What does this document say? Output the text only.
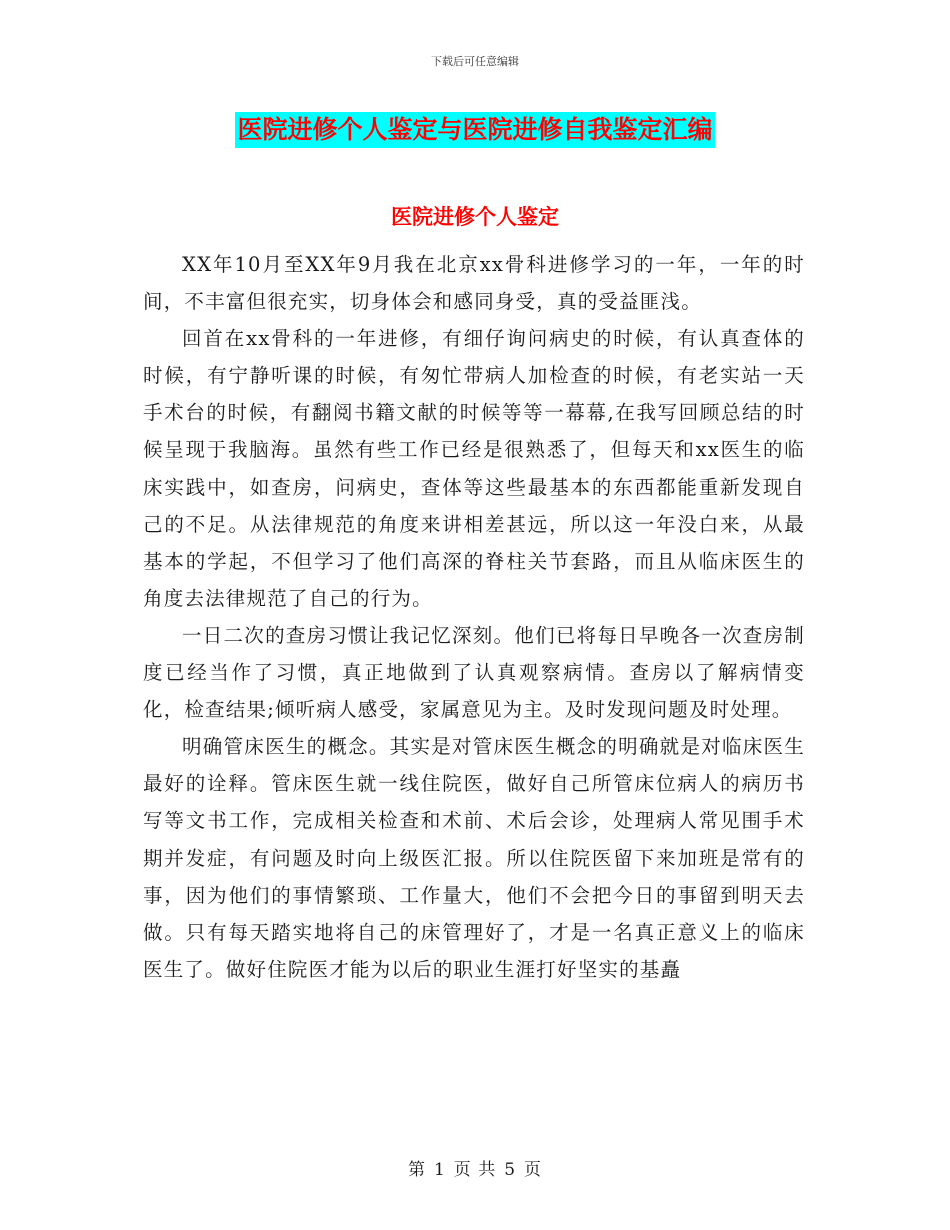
下载后可任意编辑
医院进修个人鉴定与医院进修自我鉴定汇编
医院进修个人鉴定

XX年10月至XX年9月我在北京xx骨科进修学习的一年，一年的时间，不丰富但很充实，切身体会和感同身受，真的受益匪浅。

回首在xx骨科的一年进修，有细仔询问病史的时候，有认真查体的时候，有宁静听课的时候，有匆忙带病人加检查的时候，有老实站一天手术台的时候，有翻阅书籍文献的时候等等一幕幕,在我写回顾总结的时候呈现于我脑海。虽然有些工作已经是很熟悉了，但每天和xx医生的临床实践中，如查房，问病史，查体等这些最基本的东西都能重新发现自己的不足。从法律规范的角度来讲相差甚远，所以这一年没白来，从最基本的学起，不但学习了他们高深的脊柱关节套路，而且从临床医生的角度去法律规范了自己的行为。

一日二次的查房习惯让我记忆深刻。他们已将每日早晚各一次查房制度已经当作了习惯，真正地做到了认真观察病情。查房以了解病情变化，检查结果;倾听病人感受，家属意见为主。及时发现问题及时处理。

明确管床医生的概念。其实是对管床医生概念的明确就是对临床医生最好的诠释。管床医生就一线住院医，做好自己所管床位病人的病历书写等文书工作，完成相关检查和术前、术后会诊，处理病人常见围手术期并发症，有问题及时向上级医汇报。所以住院医留下来加班是常有的事，因为他们的事情繁琐、工作量大，他们不会把今日的事留到明天去做。只有每天踏实地将自己的床管理好了，才是一名真正意义上的临床医生了。做好住院医才能为以后的职业生涯打好坚实的基矗

第 1 页 共 5 页
